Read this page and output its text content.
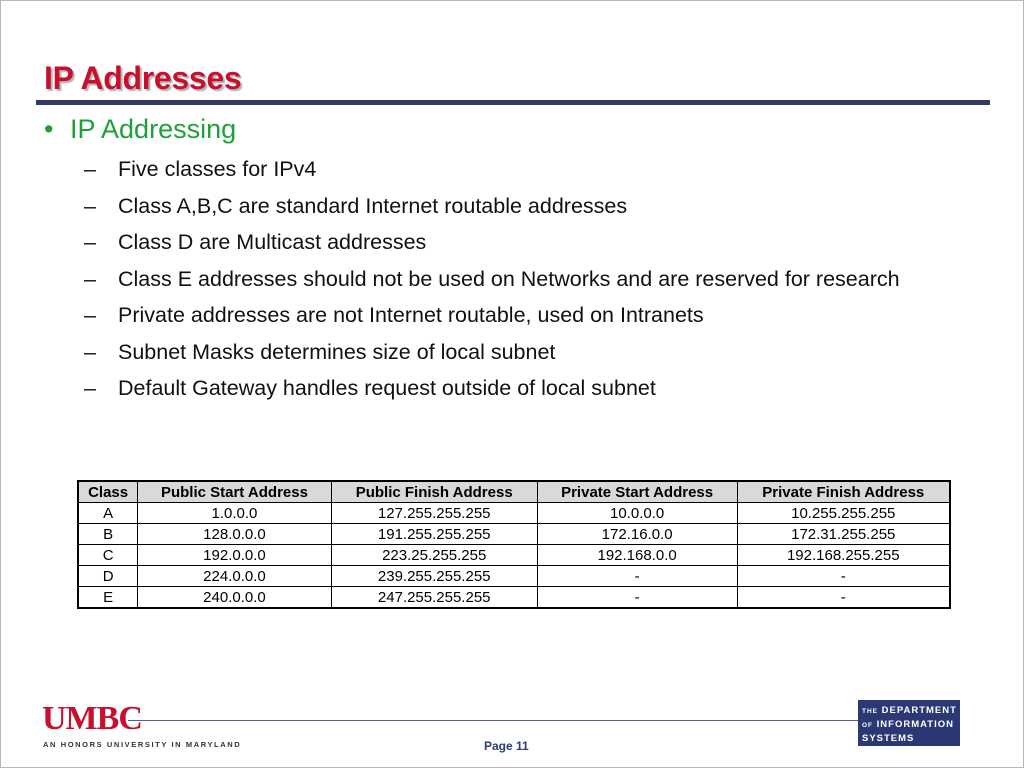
IP Addresses
• IP Addressing
– Five classes for IPv4
– Class A,B,C are standard Internet routable addresses
– Class D are Multicast addresses
– Class E addresses should not be used on Networks and are reserved for research
– Private addresses are not Internet routable, used on Intranets
– Subnet Masks determines size of local subnet
– Default Gateway handles request outside of local subnet
Class	Public Start Address	Public Finish Address	Private Start Address	Private Finish Address
A	1.0.0.0	127.255.255.255	10.0.0.0	10.255.255.255
B	128.0.0.0	191.255.255.255	172.16.0.0	172.31.255.255
C	192.0.0.0	223.25.255.255	192.168.0.0	192.168.255.255
D	224.0.0.0	239.255.255.255	-	-
E	240.0.0.0	247.255.255.255	-	-
UMBC
AN HONORS UNIVERSITY IN MARYLAND	Page 11
THE DEPARTMENT
OF INFORMATION
SYSTEMS
